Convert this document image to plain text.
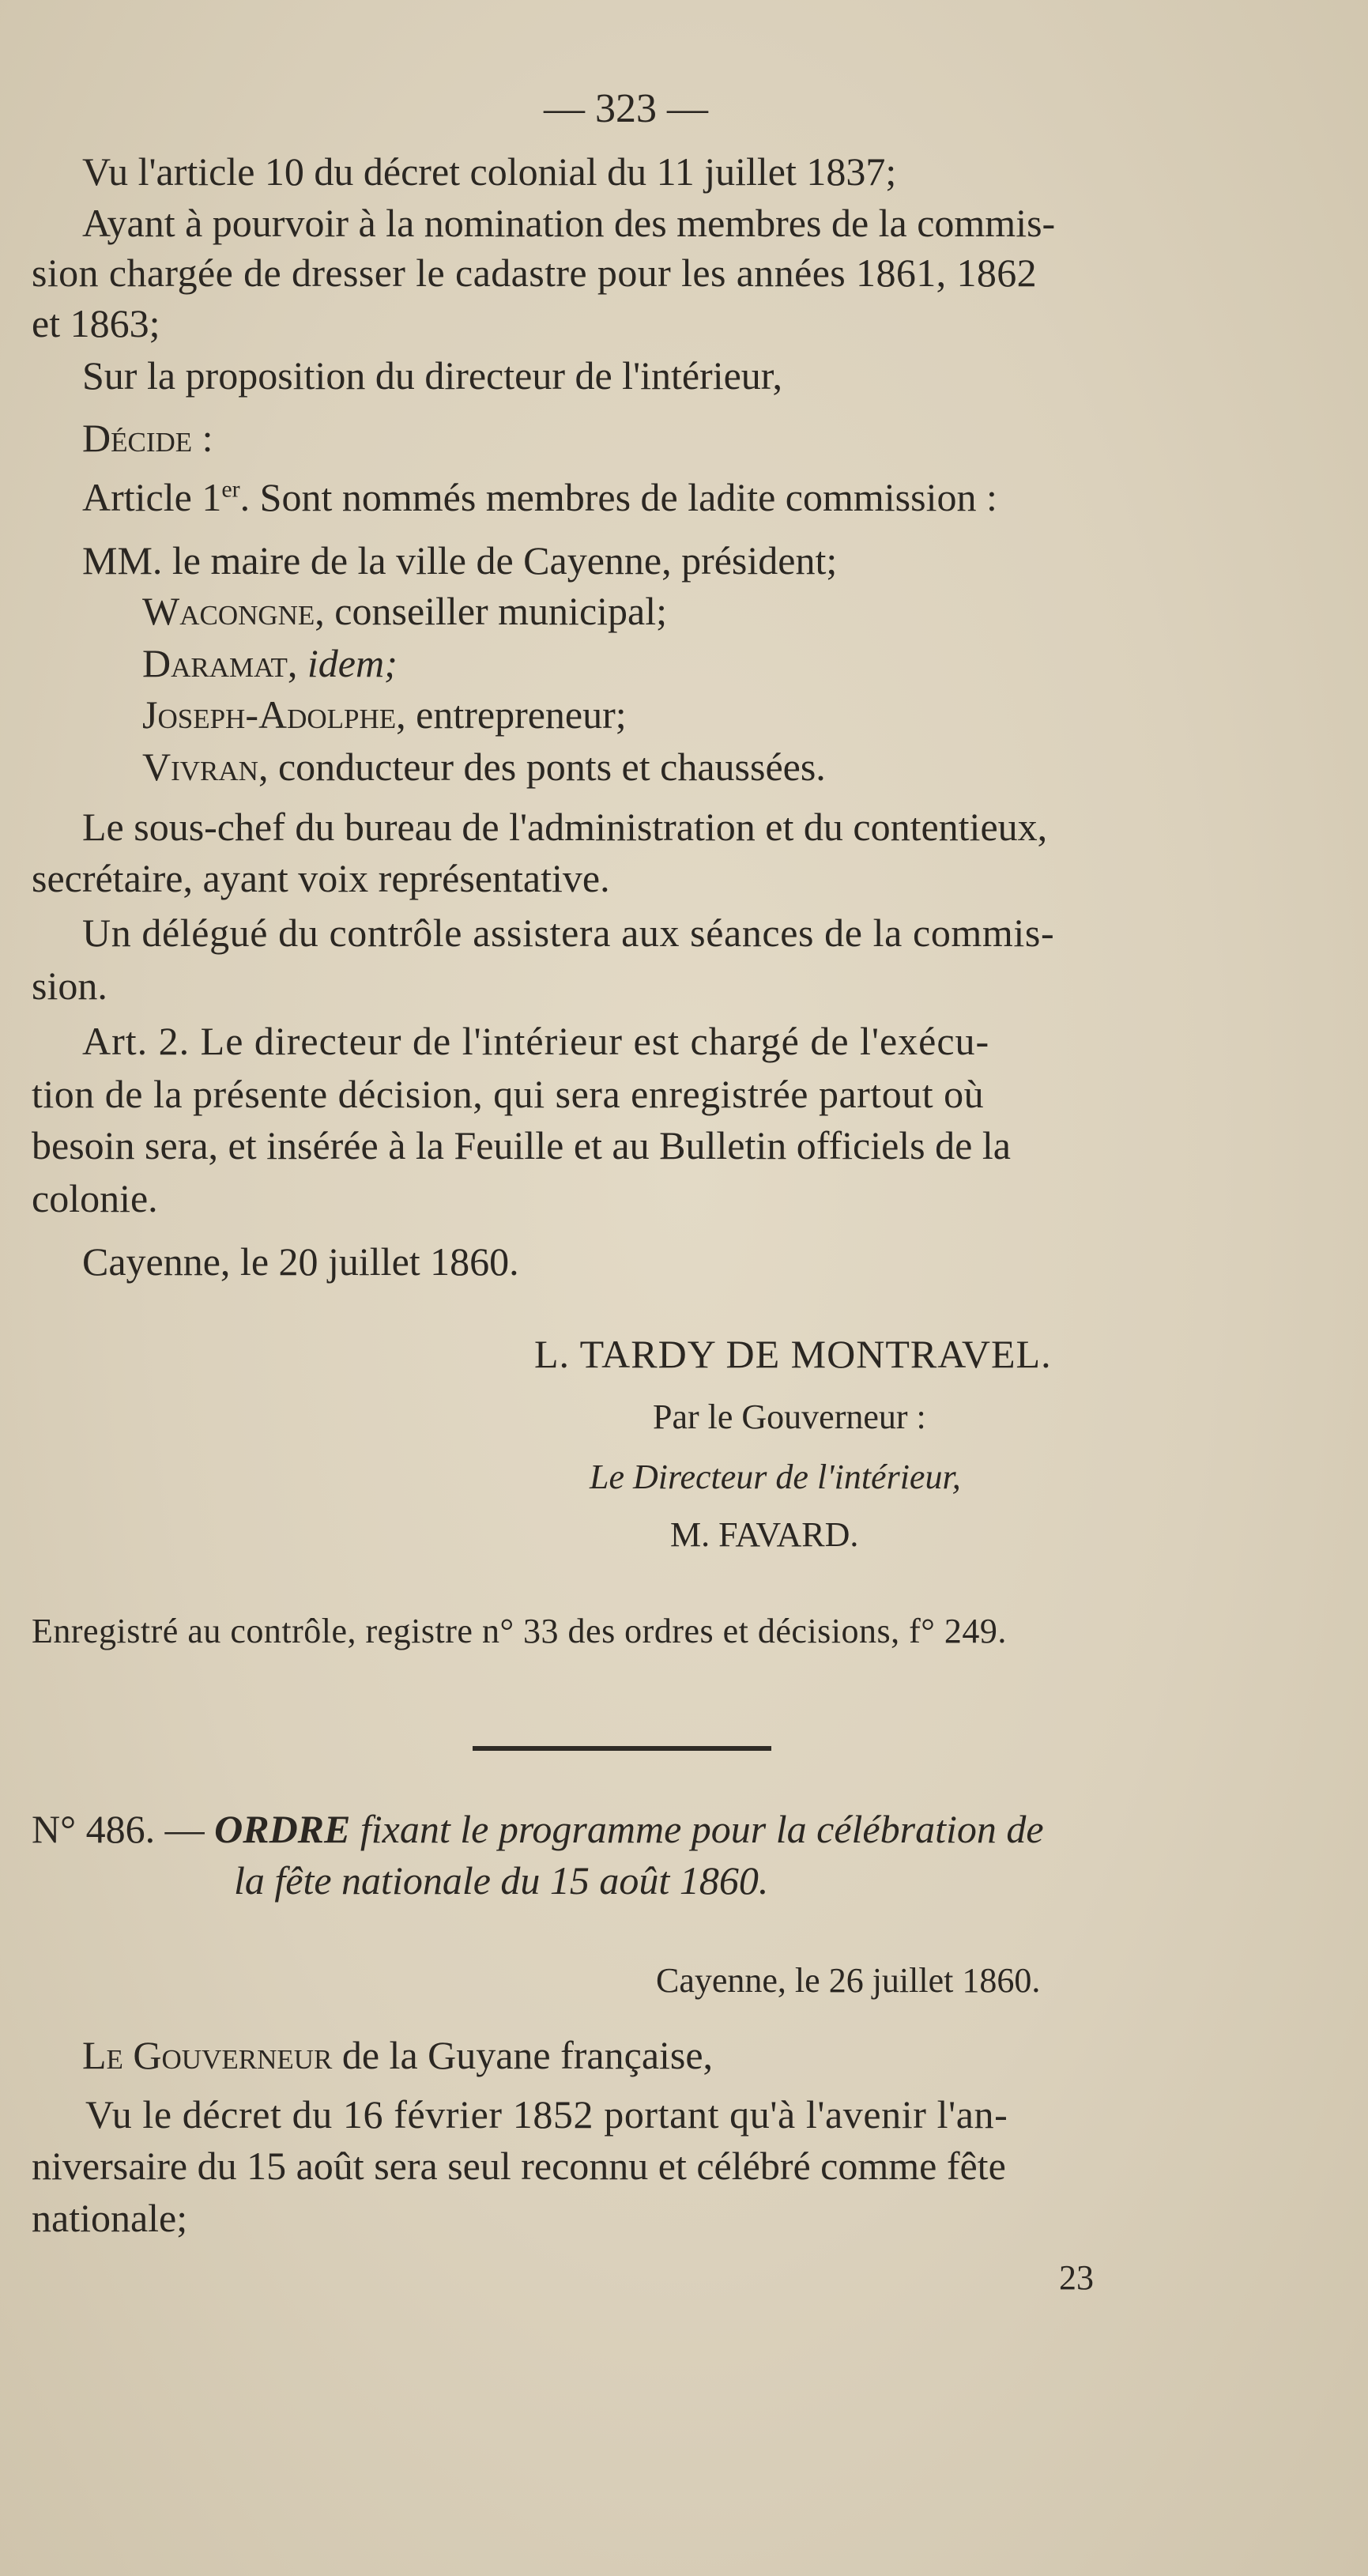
— 323 —
Vu l'article 10 du décret colonial du 11 juillet 1837;
Ayant à pourvoir à la nomination des membres de la commis-
sion chargée de dresser le cadastre pour les années 1861, 1862
et 1863;
Sur la proposition du directeur de l'intérieur,
Décide :
Article 1er. Sont nommés membres de ladite commission :
MM. le maire de la ville de Cayenne, président;
Wacongne, conseiller municipal;
Daramat, idem;
Joseph-Adolphe, entrepreneur;
Vivran, conducteur des ponts et chaussées.
Le sous-chef du bureau de l'administration et du contentieux,
secrétaire, ayant voix représentative.
Un délégué du contrôle assistera aux séances de la commis-
sion.
Art. 2. Le directeur de l'intérieur est chargé de l'exécu-
tion de la présente décision, qui sera enregistrée partout où
besoin sera, et insérée à la Feuille et au Bulletin officiels de la
colonie.
Cayenne, le 20 juillet 1860.
L. TARDY DE MONTRAVEL.
Par le Gouverneur :
Le Directeur de l'intérieur,
M. FAVARD.
Enregistré au contrôle, registre n° 33 des ordres et décisions, f° 249.
N° 486. — ORDRE fixant le programme pour la célébration de
la fête nationale du 15 août 1860.
Cayenne, le 26 juillet 1860.
Le Gouverneur de la Guyane française,
Vu le décret du 16 février 1852 portant qu'à l'avenir l'an-
niversaire du 15 août sera seul reconnu et célébré comme fête
nationale;
23
